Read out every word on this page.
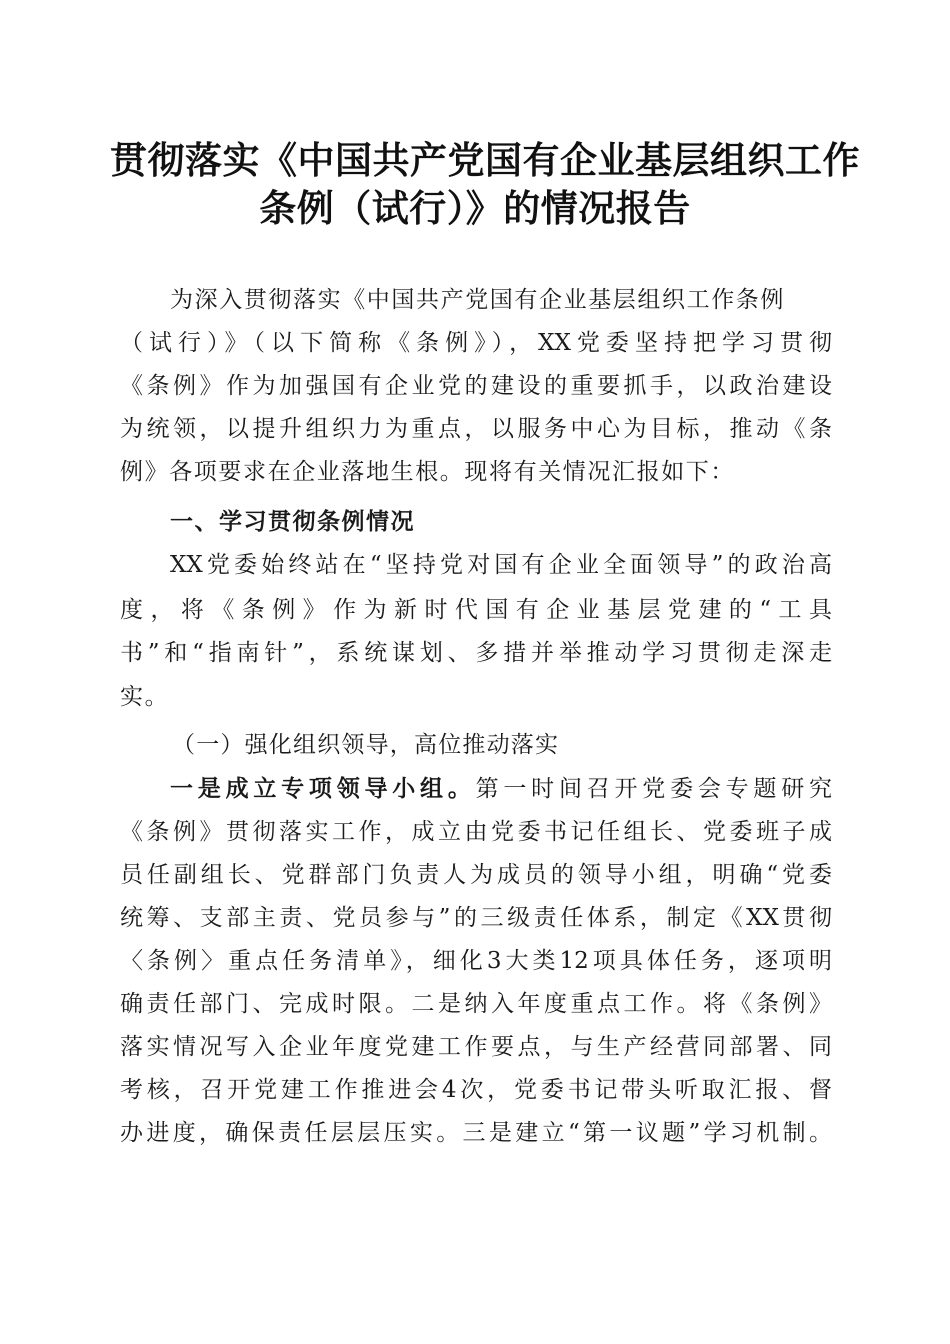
贯彻落实《中国共产党国有企业基层组织工作
条例（试行）》的情况报告

为深入贯彻落实《中国共产党国有企业基层组织工作条例

（试行）》（以下简称《条例》），XX党委坚持把学习贯彻

《条例》作为加强国有企业党的建设的重要抓手，以政治建设

为统领，以提升组织力为重点，以服务中心为目标，推动《条

例》各项要求在企业落地生根。现将有关情况汇报如下：

一、学习贯彻条例情况

XX党委始终站在“坚持党对国有企业全面领导”的政治高

度，将《条例》作为新时代国有企业基层党建的“工具

书”和“指南针”，系统谋划、多措并举推动学习贯彻走深走

实。

（一）强化组织领导，高位推动落实

一是成立专项领导小组。第一时间召开党委会专题研究

《条例》贯彻落实工作，成立由党委书记任组长、党委班子成

员任副组长、党群部门负责人为成员的领导小组，明确“党委

统筹、支部主责、党员参与”的三级责任体系，制定《XX贯彻

〈条例〉重点任务清单》，细化3大类12项具体任务，逐项明

确责任部门、完成时限。二是纳入年度重点工作。将《条例》

落实情况写入企业年度党建工作要点，与生产经营同部署、同

考核，召开党建工作推进会4次，党委书记带头听取汇报、督

办进度，确保责任层层压实。三是建立“第一议题”学习机制。
